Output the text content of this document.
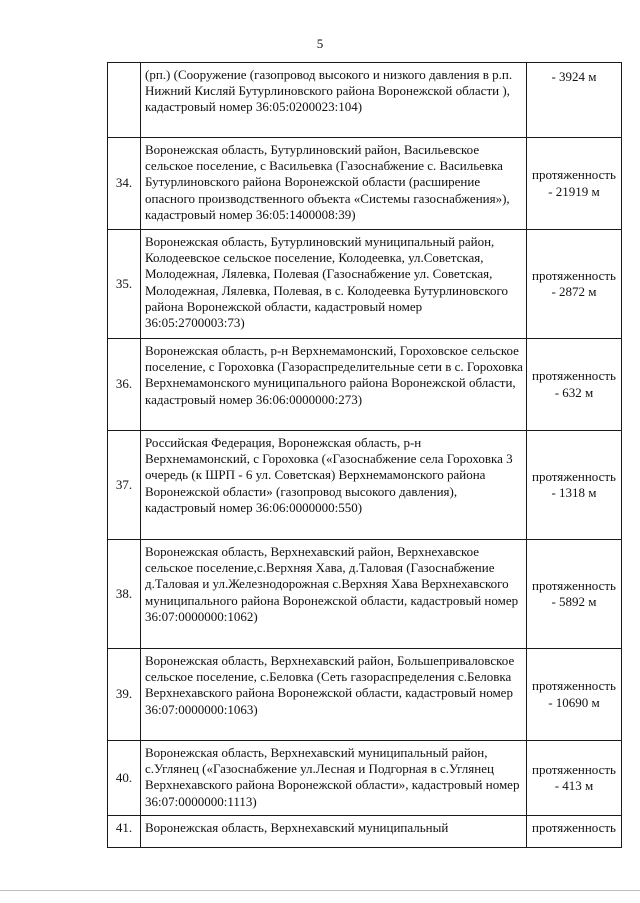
5
	(рп.) (Сооружение (газопровод высокого и низкого давления в р.п. Нижний Кисляй Бутурлиновского района Воронежской области ), кадастровый номер 36:05:0200023:104)	- 3924 м
34.	Воронежская область, Бутурлиновский район, Васильевское сельское поселение, с Васильевка (Газоснабжение с. Васильевка Бутурлиновского района Воронежской области (расширение опасного производственного объекта «Системы газоснабжения»), кадастровый номер 36:05:1400008:39)	протяженность - 21919 м
35.	Воронежская область, Бутурлиновский муниципальный район, Колодеевское сельское поселение, Колодеевка, ул.Советская, Молодежная, Лялевка, Полевая (Газоснабжение ул. Советская, Молодежная, Лялевка, Полевая, в с. Колодеевка Бутурлиновского района Воронежской области, кадастровый номер 36:05:2700003:73)	протяженность - 2872 м
36.	Воронежская область, р-н Верхнемамонский, Гороховское сельское поселение, с Гороховка (Газораспределительные сети в с. Гороховка Верхнемамонского муниципального района Воронежской области, кадастровый номер 36:06:0000000:273)	протяженность - 632 м
37.	Российская Федерация, Воронежская область, р-н Верхнемамонский, с Гороховка («Газоснабжение села Гороховка 3 очередь (к ШРП - 6 ул. Советская) Верхнемамонского района Воронежской области» (газопровод высокого давления), кадастровый номер 36:06:0000000:550)	протяженность - 1318 м
38.	Воронежская область, Верхнехавский район, Верхнехавское сельское поселение,с.Верхняя Хава, д.Таловая (Газоснабжение д.Таловая и ул.Железнодорожная с.Верхняя Хава Верхнехавского муниципального района Воронежской области, кадастровый номер 36:07:0000000:1062)	протяженность - 5892 м
39.	Воронежская область, Верхнехавский район, Большеприваловское сельское поселение, с.Беловка (Сеть газораспределения с.Беловка Верхнехавского района Воронежской области, кадастровый номер 36:07:0000000:1063)	протяженность - 10690 м
40.	Воронежская область, Верхнехавский муниципальный район, с.Углянец («Газоснабжение ул.Лесная и Подгорная в с.Углянец Верхнехавского района Воронежской области», кадастровый номер 36:07:0000000:1113)	протяженность - 413 м
41.	Воронежская область, Верхнехавский муниципальный	протяженность
